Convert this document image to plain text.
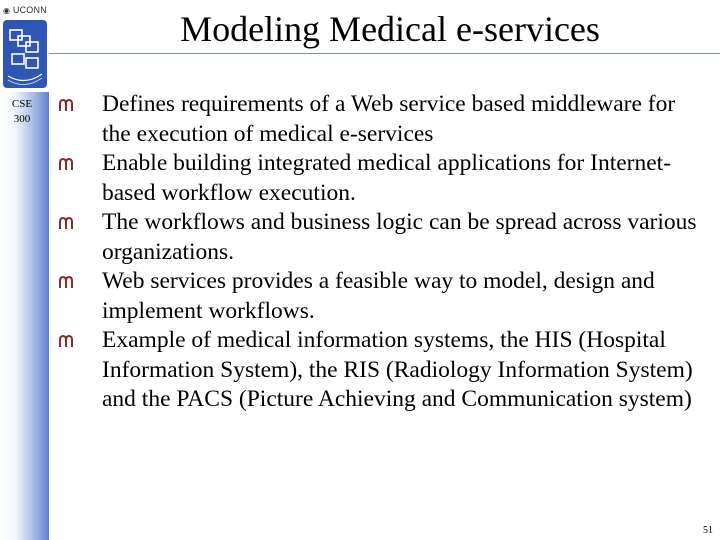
◉ UCONN
CSE
300
Modeling Medical e-services
Defines requirements of a Web service based middleware for the execution of medical e-services
Enable building integrated medical applications for Internet-based workflow execution.
The workflows and business logic can be spread across various organizations.
Web services provides a feasible way to model, design and implement workflows.
Example of medical information systems, the HIS (Hospital Information System), the RIS (Radiology Information System) and the PACS (Picture Achieving and Communication system)
51
